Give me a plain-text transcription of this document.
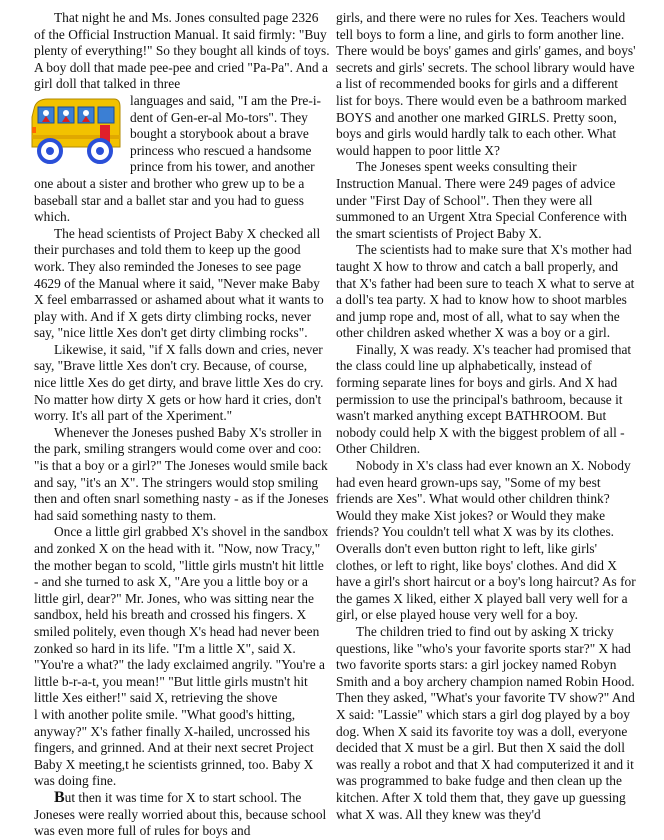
That night he and Ms. Jones consulted page 2326 of the Official Instruction Manual. It said firmly: "Buy plenty of everything!" So they bought all kinds of toys. A boy doll that made pee-pee and cried "Pa-Pa". And a girl doll that talked in three

languages and said, "I am the Pre-i-dent of Gen-er-al Mo-tors". They bought a storybook about a brave princess who rescued a handsome prince from his tower, and another one about a sister and brother who grew up to be a baseball star and a ballet star and you had to guess which.

The head scientists of Project Baby X checked all their purchases and told them to keep up the good work. They also reminded the Joneses to see page 4629 of the Manual where it said, "Never make Baby X feel embarrassed or ashamed about what it wants to play with. And if X gets dirty climbing rocks, never say, "nice little Xes don't get dirty climbing rocks".

Likewise, it said, "if X falls down and cries, never say, "Brave little Xes don't cry. Because, of course, nice little Xes do get dirty, and brave little Xes do cry. No matter how dirty X gets or how hard it cries, don't worry. It's all part of the Xperiment."

Whenever the Joneses pushed Baby X's stroller in the park, smiling strangers would come over and coo: "is that a boy or a girl?" The Joneses would smile back and say, "it's an X". The stringers would stop smiling then and often snarl something nasty - as if the Joneses had said something nasty to them.

Once a little girl grabbed X's shovel in the sandbox and zonked X on the head with it. "Now, now Tracy," the mother began to scold, "little girls mustn't hit little - and she turned to ask X, "Are you a little boy or a little girl, dear?" Mr. Jones, who was sitting near the sandbox, held his breath and crossed his fingers. X smiled politely, even though X's head had never been zonked so hard in its life. "I'm a little X", said X. "You're a what?" the lady exclaimed angrily. "You're a little b-r-a-t, you mean!" "But little girls mustn't hit little Xes either!" said X, retrieving the shove

l with another polite smile. "What good's hitting, anyway?" X's father finally X-hailed, uncrossed his fingers, and grinned. And at their next secret Project Baby X meeting,t he scientists grinned, too. Baby X was doing fine.

But then it was time for X to start school. The Joneses were really worried about this, because school was even more full of rules for boys and

girls, and there were no rules for Xes. Teachers would tell boys to form a line, and girls to form another line. There would be boys' games and girls' games, and boys' secrets and girls' secrets. The school library would have a list of recommended books for girls and a different list for boys. There would even be a bathroom marked BOYS and another one marked GIRLS. Pretty soon, boys and girls would hardly talk to each other. What would happen to poor little X?

The Joneses spent weeks consulting their Instruction Manual. There were 249 pages of advice under "First Day of School". Then they were all summoned to an Urgent Xtra Special Conference with the smart scientists of Project Baby X.

The scientists had to make sure that X's mother had taught X how to throw and catch a ball properly, and that X's father had been sure to teach X what to serve at a doll's tea party. X had to know how to shoot marbles and jump rope and, most of all, what to say when the other children asked whether X was a boy or a girl.

Finally, X was ready. X's teacher had promised that the class could line up alphabetically, instead of forming separate lines for boys and girls. And X had permission to use the principal's bathroom, because it wasn't marked anything except BATHROOM. But nobody could help X with the biggest problem of all - Other Children.

Nobody in X's class had ever known an X. Nobody had even heard grown-ups say, "Some of my best friends are Xes". What would other children think? Would they make Xist jokes? or Would they make friends? You couldn't tell what X was by its clothes. Overalls don't even button right to left, like girls' clothes, or left to right, like boys' clothes. And did X have a girl's short haircut or a boy's long haircut? As for the games X liked, either X played ball very well for a girl, or else played house very well for a boy.

The children tried to find out by asking X tricky questions, like "who's your favorite sports star?" X had two favorite sports stars: a girl jockey named Robyn Smith and a boy archery champion named Robin Hood. Then they asked, "What's your favorite TV show?" And X said: "Lassie" which stars a girl dog played by a boy dog. When X said its favorite toy was a doll, everyone decided that X must be a girl. But then X said the doll was really a robot and that X had computerized it and it was programmed to bake fudge and then clean up the kitchen. After X told them that, they gave up guessing what X was. All they knew was they'd
